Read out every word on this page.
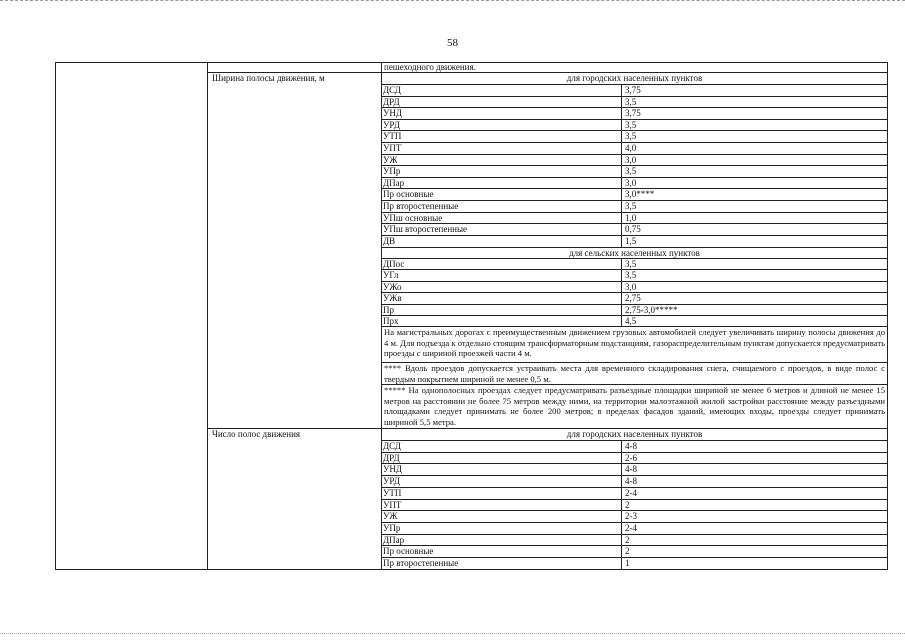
58
пешеходного движения.
Ширина полосы движения, м	для городских населенных пунктов
ДСД	3,75
ДРД	3,5
УНД	3,75
УРД	3,5
УТП	3,5
УПТ	4,0
УЖ	3,0
УПр	3,5
ДПар	3,0
Пр основные	3,0****
Пр второстепенные	3,5
УПш основные	1,0
УПш второстепенные	0,75
ДВ	1,5
для сельских населенных пунктов
ДПос	3,5
УГл	3,5
УЖо	3,0
УЖв	2,75
Пр	2,75-3,0*****
Прх	4,5
На магистральных дорогах с преимущественным движением грузовых автомобилей следует увеличивать ширину полосы движения до 4 м. Для подъезда к отдельно стоящим трансформаторным подстанциям, газораспределительным пунктам допускается предусматривать проезды с шириной проезжей части 4 м.
**** Вдоль проездов допускается устраивать места для временного складирования снега, счищаемого с проездов, в виде полос с твердым покрытием шириной не менее 0,5 м.
***** На однополосных проездах следует предусматривать разъездные площадки шириной не менее 6 метров и длиной не менее 15 метров на расстоянии не более 75 метров между ними, на территории малоэтажной жилой застройки расстояние между разъездными площадками следует принимать не более 200 метров; в пределах фасадов зданий, имеющих входы, проезды следует принимать шириной 5,5 метра.
Число полос движения	для городских населенных пунктов
ДСД	4-8
ДРД	2-6
УНД	4-8
УРД	4-8
УТП	2-4
УПТ	2
УЖ	2-3
УПр	2-4
ДПар	2
Пр основные	2
Пр второстепенные	1
